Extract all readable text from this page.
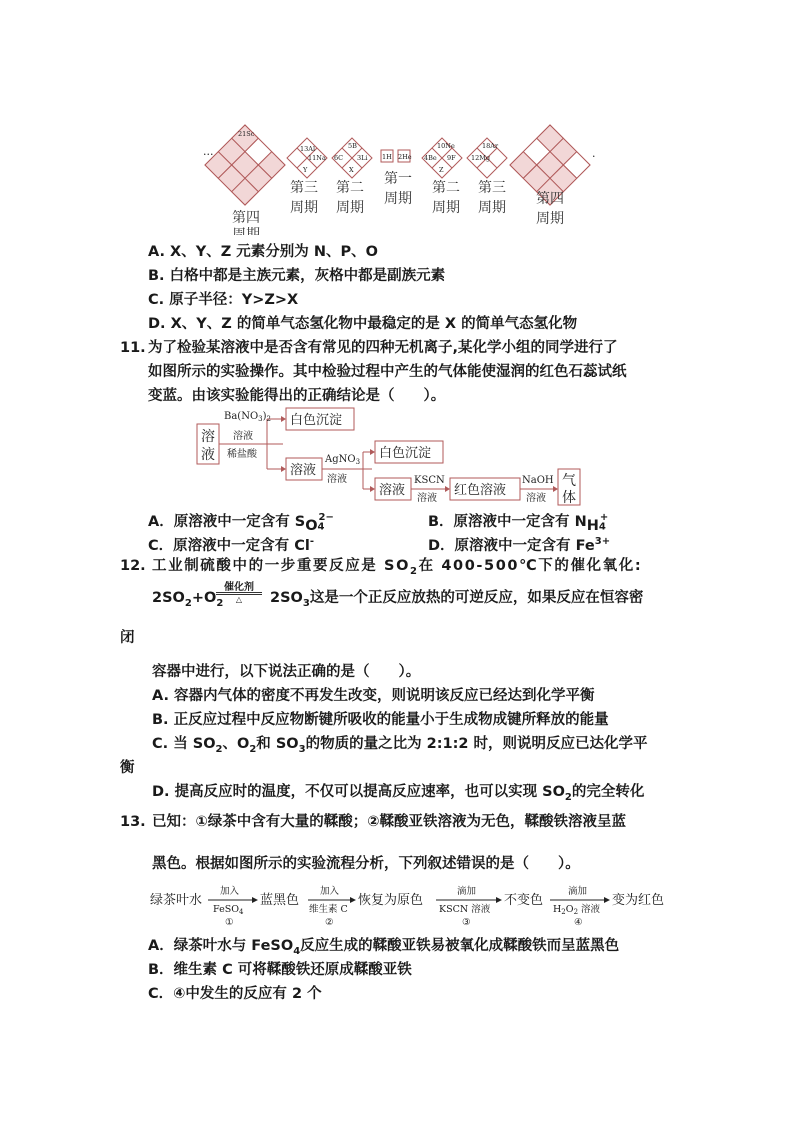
···	·
21Sc
13Al
11Na
Y
5B
6C 3Li
X
1H 2He
10Ne
4Be 9F
Z
18Ar
12Mg
第四
周期
第三
周期
第二
周期
第一
周期
第二
周期
第三
周期
第四
周期
A. X、Y、Z 元素分别为 N、P、O
B. 白格中都是主族元素，灰格中都是副族元素
C. 原子半径：Y>Z>X
D. X、Y、Z 的简单气态氢化物中最稳定的是 X 的简单气态氢化物
11. 为了检验某溶液中是否含有常见的四种无机离子,某化学小组的同学进行了
如图所示的实验操作。其中检验过程中产生的气体能使湿润的红色石蕊试纸
变蓝。由该实验能得出的正确结论是（　　）。
溶
液
$Ba(NO_3)_2$
溶液
稀盐酸
白色沉淀
溶液
AgNO$_3$
溶液
白色沉淀
溶液
KSCN
溶液
红色溶液
NaOH
溶液
气
体
A．原溶液中一定含有 $SO_4^{2-}$	B．原溶液中一定含有 $NH_4^+$
C．原溶液中一定含有 Cl-	D．原溶液中一定含有 $Fe^{3+}$
12. 工业制硫酸中的一步重要反应是 $SO_2$在 400-500℃下的催化氧化:
$2SO_2+O_2$
催化剂
△	$2SO_3$这是一个正反应放热的可逆反应，如果反应在恒容密
闭
容器中进行，以下说法正确的是（　　）。
A. 容器内气体的密度不再发生改变，则说明该反应已经达到化学平衡
B. 正反应过程中反应物断键所吸收的能量小于生成物成键所释放的能量
C. 当 $SO_2$、$O_2$和 $SO_3$的物质的量之比为 2:1:2 时，则说明反应已达化学平
衡
D. 提高反应时的温度，不仅可以提高反应速率，也可以实现 $SO_2$的完全转化
13. 已知：①绿茶中含有大量的鞣酸；②鞣酸亚铁溶液为无色，鞣酸铁溶液呈蓝
黑色。根据如图所示的实验流程分析，下列叙述错误的是（　　）。
绿茶叶水	蓝黑色	恢复为原色	不变色	变为红色
加入
FeSO$_4$
①
加入
维生素 C
②
滴加
KSCN 溶液
③
滴加
$H_2O_2$ 溶液
④
A．绿茶叶水与 FeSO$_4$反应生成的鞣酸亚铁易被氧化成鞣酸铁而呈蓝黑色
B．维生素 C 可将鞣酸铁还原成鞣酸亚铁
C．④中发生的反应有 2 个
